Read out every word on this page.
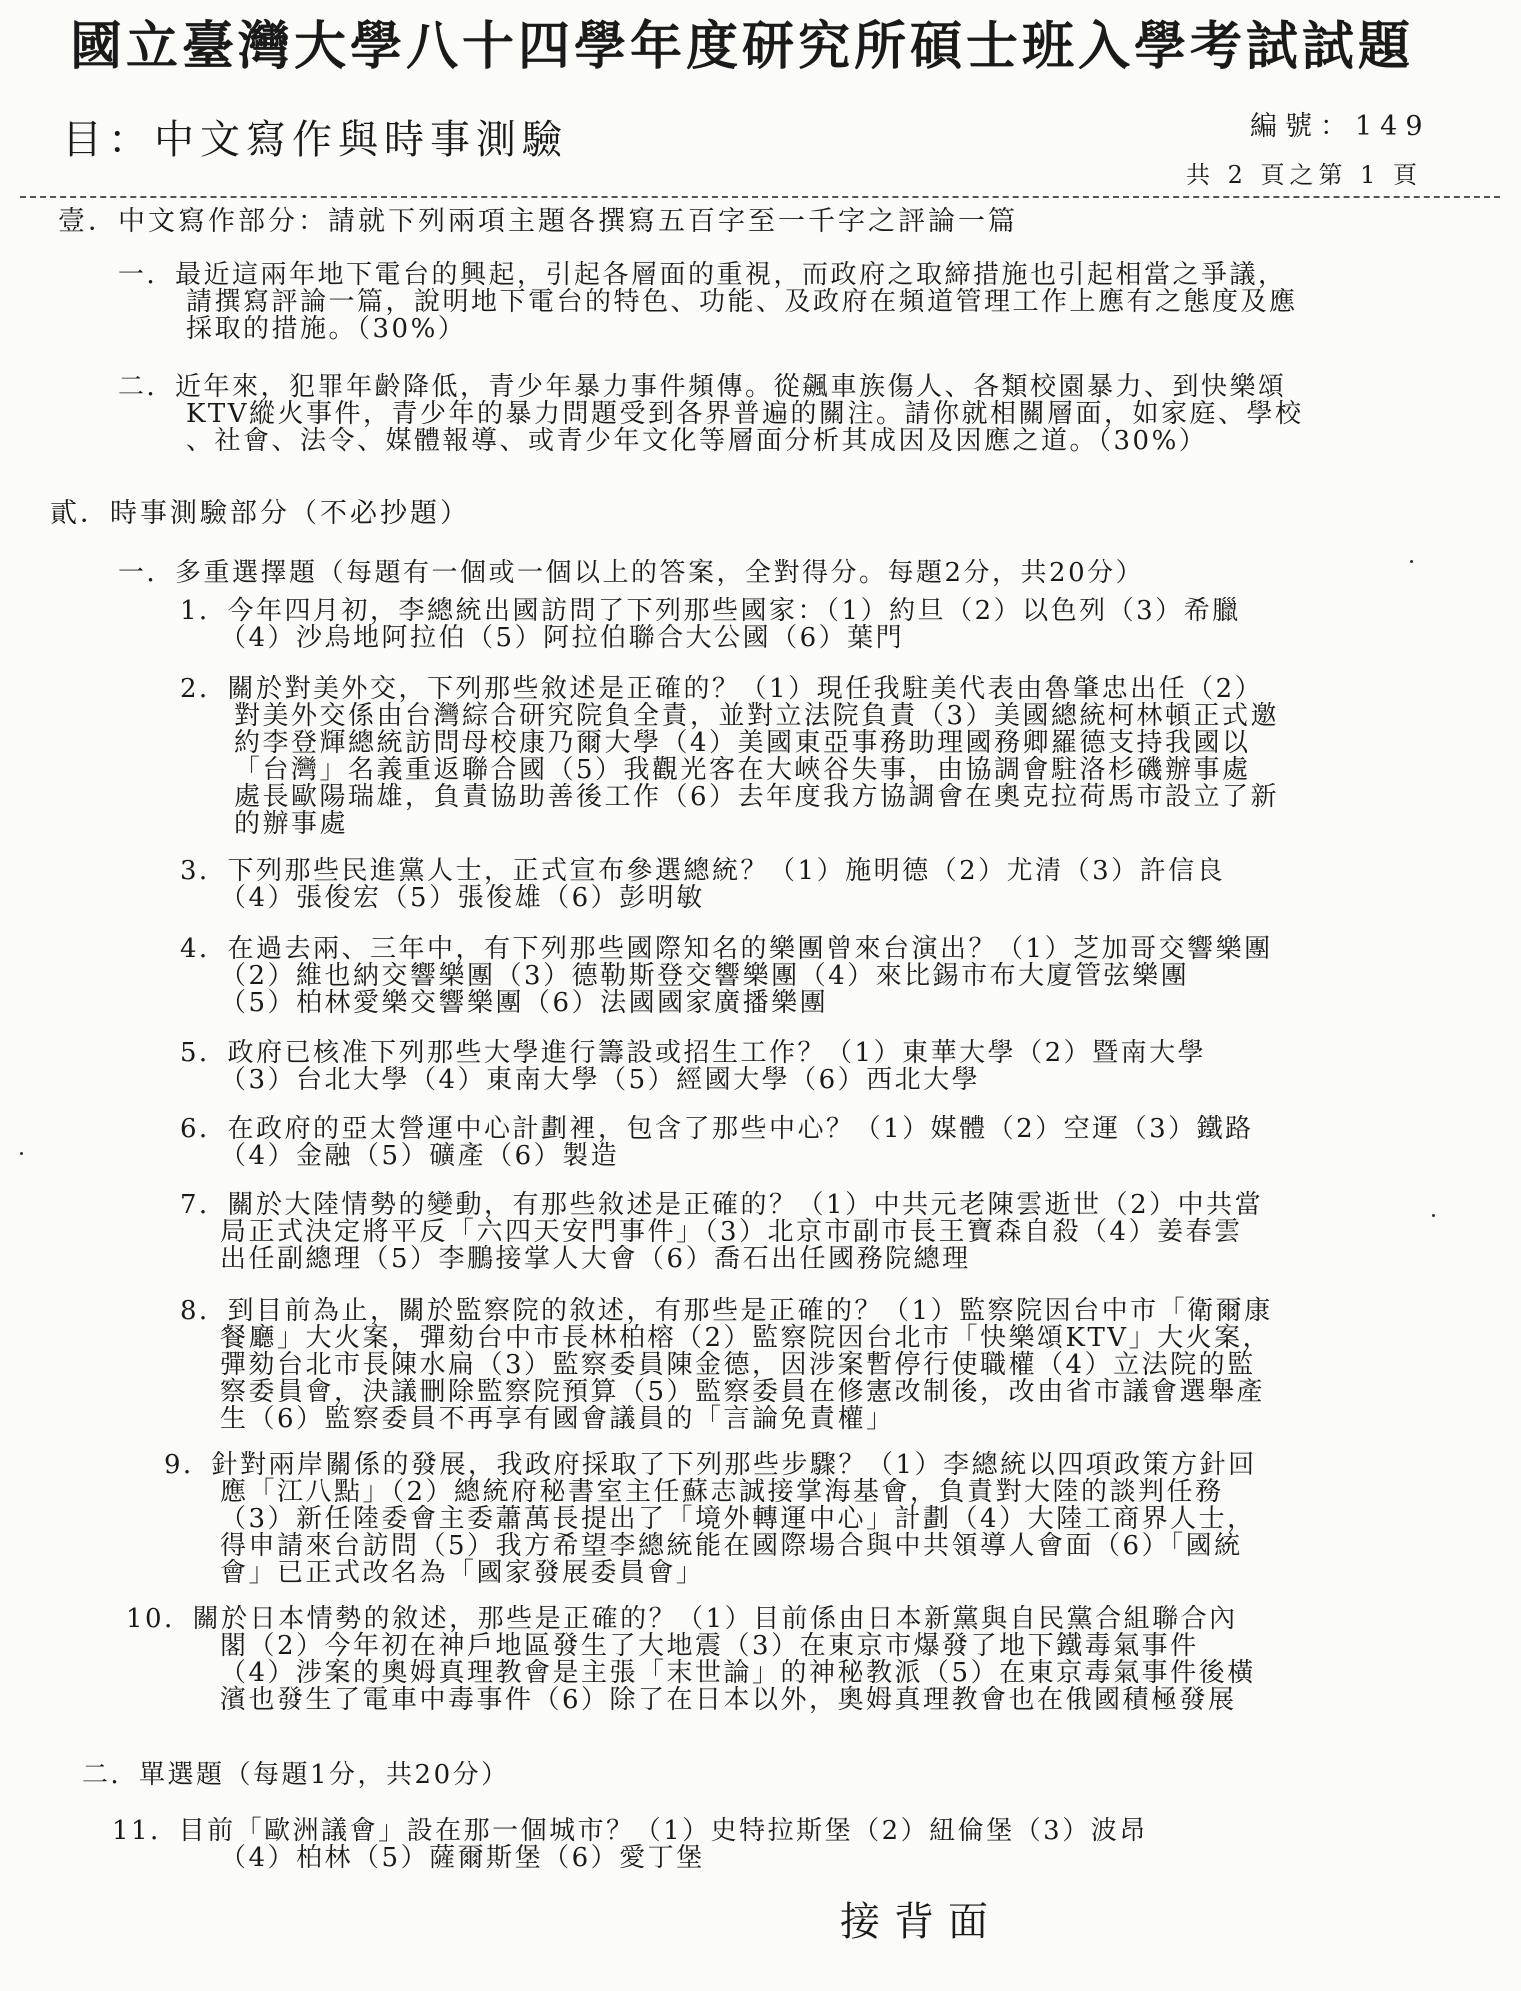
國立臺灣大學八十四學年度研究所碩士班入學考試試題
目：中文寫作與時事測驗	編號：149
共 2 頁之第 1 頁
壹．中文寫作部分：請就下列兩項主題各撰寫五百字至一千字之評論一篇
一．最近這兩年地下電台的興起，引起各層面的重視，而政府之取締措施也引起相當之爭議，
請撰寫評論一篇，說明地下電台的特色、功能、及政府在頻道管理工作上應有之態度及應
採取的措施。（30%）
二．近年來，犯罪年齡降低，青少年暴力事件頻傳。從飆車族傷人、各類校園暴力、到快樂頌
KTV縱火事件，青少年的暴力問題受到各界普遍的關注。請你就相關層面，如家庭、學校
、社會、法令、媒體報導、或青少年文化等層面分析其成因及因應之道。（30%）
貳．時事測驗部分（不必抄題）
一．多重選擇題（每題有一個或一個以上的答案，全對得分。每題2分，共20分）
1．今年四月初，李總統出國訪問了下列那些國家：（1）約旦（2）以色列（3）希臘
（4）沙烏地阿拉伯（5）阿拉伯聯合大公國（6）葉門
2．關於對美外交，下列那些敘述是正確的？（1）現任我駐美代表由魯肇忠出任（2）
對美外交係由台灣綜合研究院負全責，並對立法院負責（3）美國總統柯林頓正式邀
約李登輝總統訪問母校康乃爾大學（4）美國東亞事務助理國務卿羅德支持我國以
「台灣」名義重返聯合國（5）我觀光客在大峽谷失事，由協調會駐洛杉磯辦事處
處長歐陽瑞雄，負責協助善後工作（6）去年度我方協調會在奧克拉荷馬市設立了新
的辦事處
3．下列那些民進黨人士，正式宣布參選總統？（1）施明德（2）尤清（3）許信良
（4）張俊宏（5）張俊雄（6）彭明敏
4．在過去兩、三年中，有下列那些國際知名的樂團曾來台演出？（1）芝加哥交響樂團
（2）維也納交響樂團（3）德勒斯登交響樂團（4）來比錫市布大廈管弦樂團
（5）柏林愛樂交響樂團（6）法國國家廣播樂團
5．政府已核准下列那些大學進行籌設或招生工作？（1）東華大學（2）暨南大學
（3）台北大學（4）東南大學（5）經國大學（6）西北大學
6．在政府的亞太營運中心計劃裡，包含了那些中心？（1）媒體（2）空運（3）鐵路
（4）金融（5）礦產（6）製造
7．關於大陸情勢的變動，有那些敘述是正確的？（1）中共元老陳雲逝世（2）中共當
局正式決定將平反「六四天安門事件」（3）北京市副市長王寶森自殺（4）姜春雲
出任副總理（5）李鵬接掌人大會（6）喬石出任國務院總理
8．到目前為止，關於監察院的敘述，有那些是正確的？（1）監察院因台中市「衛爾康
餐廳」大火案，彈劾台中市長林柏榕（2）監察院因台北市「快樂頌KTV」大火案，
彈劾台北市長陳水扁（3）監察委員陳金德，因涉案暫停行使職權（4）立法院的監
察委員會，決議刪除監察院預算（5）監察委員在修憲改制後，改由省市議會選舉產
生（6）監察委員不再享有國會議員的「言論免責權」
9．針對兩岸關係的發展，我政府採取了下列那些步驟？（1）李總統以四項政策方針回
應「江八點」（2）總統府秘書室主任蘇志誠接掌海基會，負責對大陸的談判任務
（3）新任陸委會主委蕭萬長提出了「境外轉運中心」計劃（4）大陸工商界人士，
得申請來台訪問（5）我方希望李總統能在國際場合與中共領導人會面（6）「國統
會」已正式改名為「國家發展委員會」
10．關於日本情勢的敘述，那些是正確的？（1）目前係由日本新黨與自民黨合組聯合內
閣（2）今年初在神戶地區發生了大地震（3）在東京市爆發了地下鐵毒氣事件
（4）涉案的奧姆真理教會是主張「末世論」的神秘教派（5）在東京毒氣事件後橫
濱也發生了電車中毒事件（6）除了在日本以外，奧姆真理教會也在俄國積極發展
二．單選題（每題1分，共20分）
11．目前「歐洲議會」設在那一個城市？（1）史特拉斯堡（2）紐倫堡（3）波昂
（4）柏林（5）薩爾斯堡（6）愛丁堡
接背面
